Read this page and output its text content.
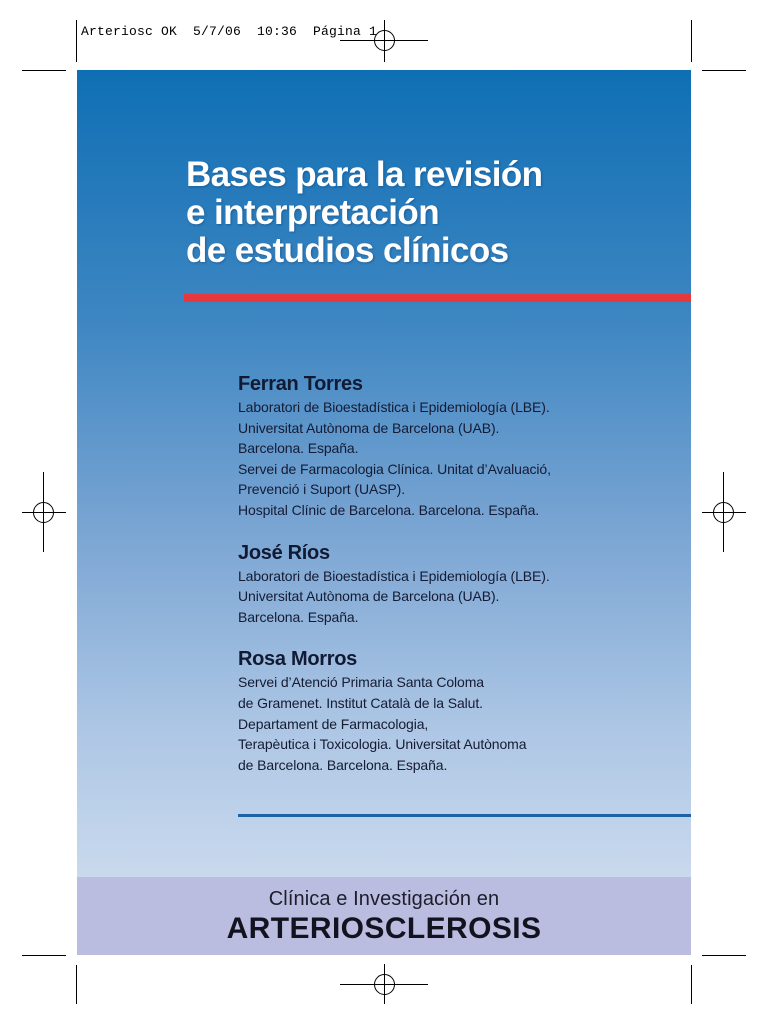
Arteriosc OK  5/7/06  10:36  Página 1
Bases para la revisión
e interpretación
de estudios clínicos
Ferran Torres
Laboratori de Bioestadística i Epidemiología (LBE).
Universitat Autònoma de Barcelona (UAB).
Barcelona. España.
Servei de Farmacologia Clínica. Unitat d’Avaluació,
Prevenció i Suport (UASP).
Hospital Clínic de Barcelona. Barcelona. España.
José Ríos
Laboratori de Bioestadística i Epidemiología (LBE).
Universitat Autònoma de Barcelona (UAB).
Barcelona. España.
Rosa Morros
Servei d’Atenció Primaria Santa Coloma
de Gramenet. Institut Català de la Salut.
Departament de Farmacologia,
Terapèutica i Toxicologia. Universitat Autònoma
de Barcelona. Barcelona. España.
Clínica e Investigación en
ARTERIOSCLEROSIS
